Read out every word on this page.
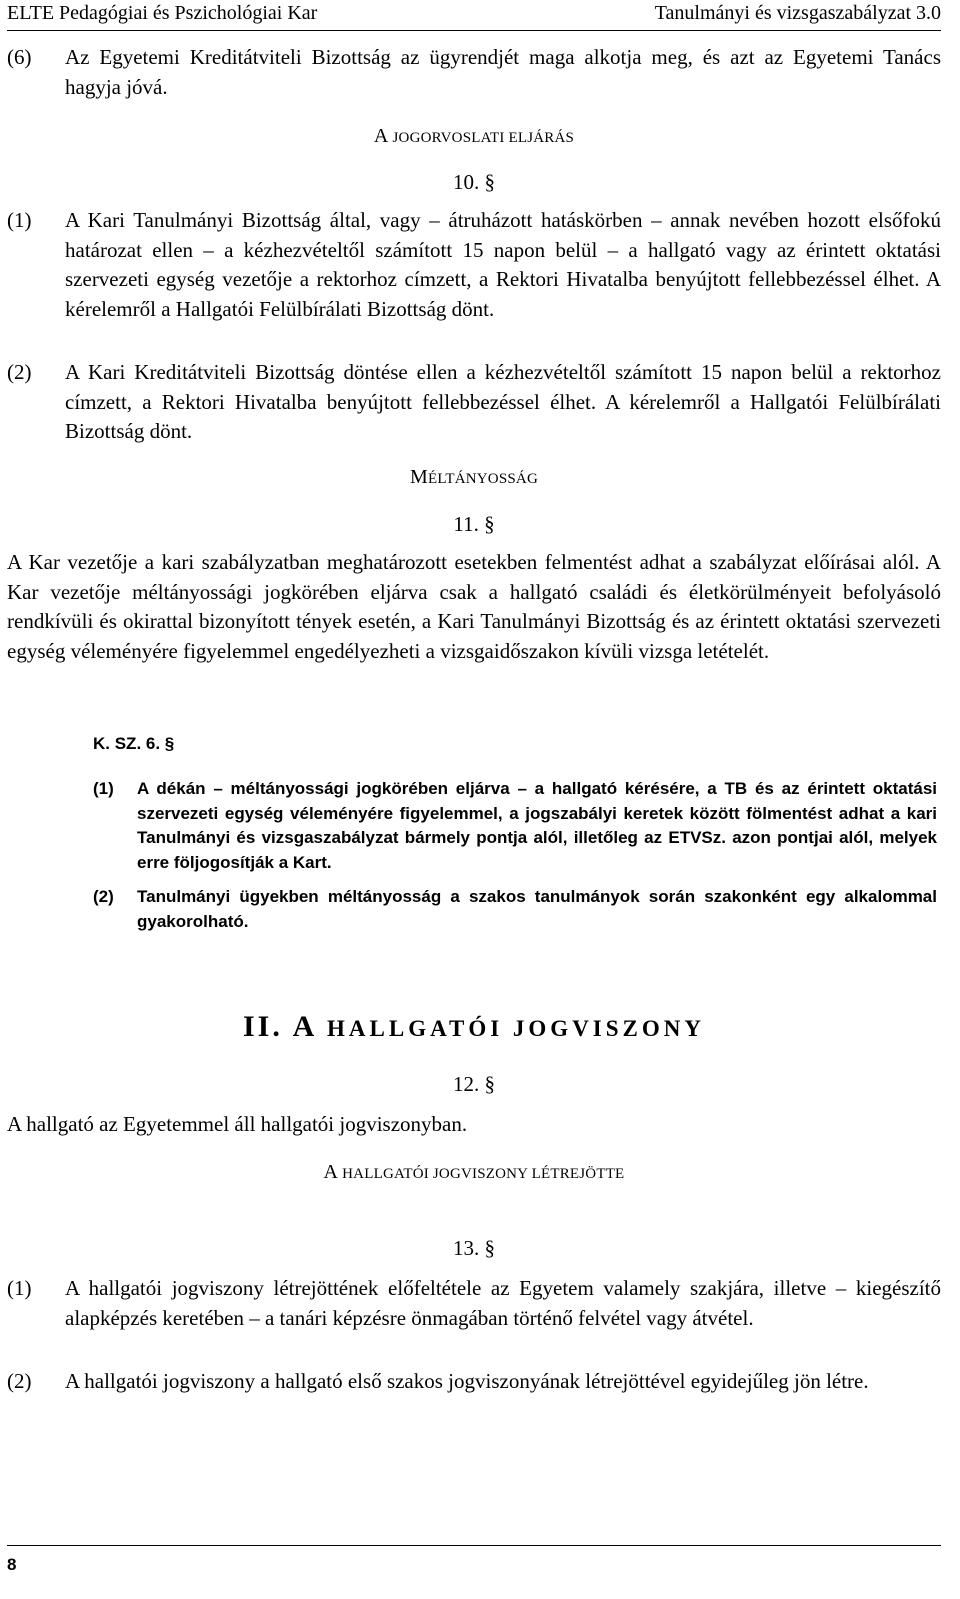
ELTE Pedagógiai és Pszichológiai Kar	Tanulmányi és vizsgaszabályzat 3.0
(6) Az Egyetemi Kreditátviteli Bizottság az ügyrendjét maga alkotja meg, és azt az Egyetemi Tanács hagyja jóvá.
A JOGORVOSLATI ELJÁRÁS
10. §
(1) A Kari Tanulmányi Bizottság által, vagy – átruházott hatáskörben – annak nevében hozott elsőfokú határozat ellen – a kézhezvételtől számított 15 napon belül – a hallgató vagy az érintett oktatási szervezeti egység vezetője a rektorhoz címzett, a Rektori Hivatalba benyújtott fellebbezéssel élhet. A kérelemről a Hallgatói Felülbírálati Bizottság dönt.
(2) A Kari Kreditátviteli Bizottság döntése ellen a kézhezvételtől számított 15 napon belül a rektorhoz címzett, a Rektori Hivatalba benyújtott fellebbezéssel élhet. A kérelemről a Hallgatói Felülbírálati Bizottság dönt.
MÉLTÁNYOSSÁG
11. §
A Kar vezetője a kari szabályzatban meghatározott esetekben felmentést adhat a szabályzat előírásai alól. A Kar vezetője méltányossági jogkörében eljárva csak a hallgató családi és életkörülményeit befolyásoló rendkívüli és okirattal bizonyított tények esetén, a Kari Tanulmányi Bizottság és az érintett oktatási szervezeti egység véleményére figyelemmel engedélyezheti a vizsgaidőszakon kívüli vizsga letételét.
K. SZ. 6. §
(1) A dékán – méltányossági jogkörében eljárva – a hallgató kérésére, a TB és az érintett oktatási szervezeti egység véleményére figyelemmel, a jogszabályi keretek között fölmentést adhat a kari Tanulmányi és vizsgaszabályzat bármely pontja alól, illetőleg az ETVSz. azon pontjai alól, melyek erre följogosítják a Kart.
(2) Tanulmányi ügyekben méltányosság a szakos tanulmányok során szakonként egy alkalommal gyakorolható.
II. A HALLGATÓI JOGVISZONY
12. §
A hallgató az Egyetemmel áll hallgatói jogviszonyban.
A HALLGATÓI JOGVISZONY LÉTREJÖTTE
13. §
(1) A hallgatói jogviszony létrejöttének előfeltétele az Egyetem valamely szakjára, illetve – kiegészítő alapképzés keretében – a tanári képzésre önmagában történő felvétel vagy átvétel.
(2) A hallgatói jogviszony a hallgató első szakos jogviszonyának létrejöttével egyidejűleg jön létre.
8
